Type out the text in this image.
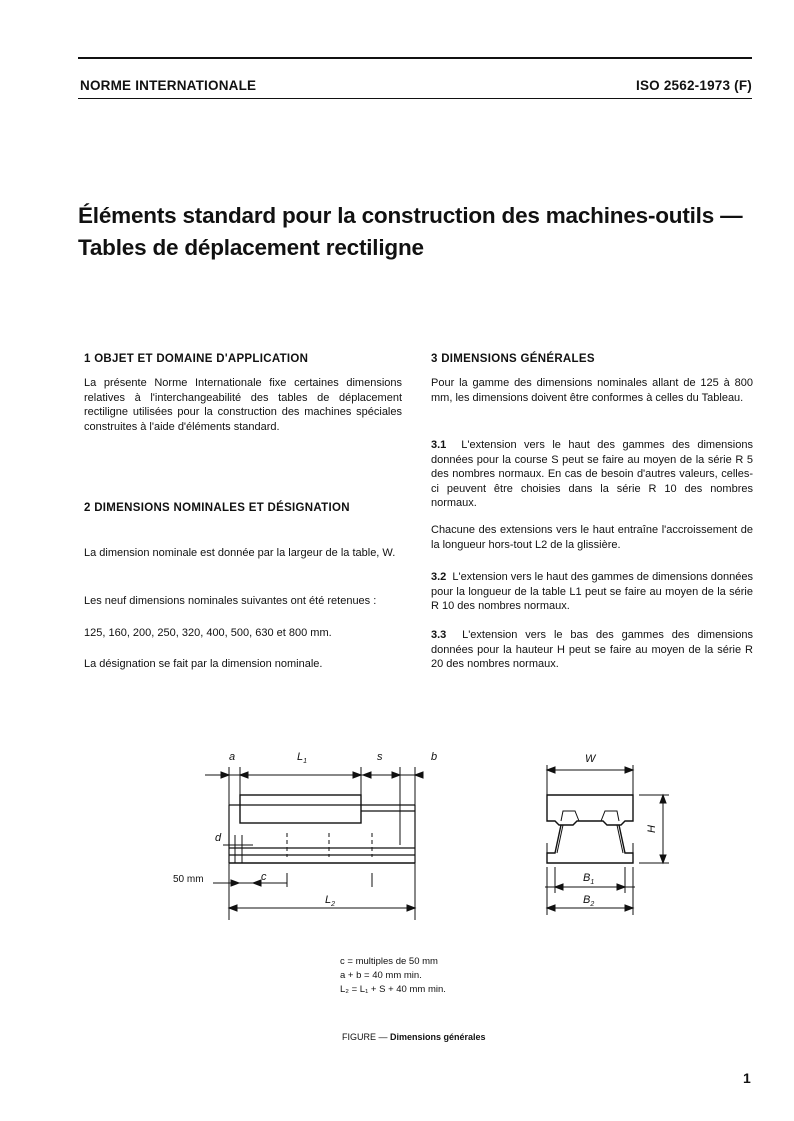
NORME INTERNATIONALE	ISO 2562-1973 (F)
Éléments standard pour la construction des machines-outils —
Tables de déplacement rectiligne
1 OBJET ET DOMAINE D'APPLICATION
La présente Norme Internationale fixe certaines dimensions relatives à l'interchangeabilité des tables de déplacement rectiligne utilisées pour la construction des machines spéciales construites à l'aide d'éléments standard.
2 DIMENSIONS NOMINALES ET DÉSIGNATION
La dimension nominale est donnée par la largeur de la table, W.
Les neuf dimensions nominales suivantes ont été retenues :
125, 160, 200, 250, 320, 400, 500, 630 et 800 mm.
La désignation se fait par la dimension nominale.
3 DIMENSIONS GÉNÉRALES
Pour la gamme des dimensions nominales allant de 125 à 800 mm, les dimensions doivent être conformes à celles du Tableau.
3.1 L'extension vers le haut des gammes des dimensions données pour la course S peut se faire au moyen de la série R 5 des nombres normaux. En cas de besoin d'autres valeurs, celles-ci peuvent être choisies dans la série R 10 des nombres normaux.
Chacune des extensions vers le haut entraîne l'accroissement de la longueur hors-tout L2 de la glissière.
3.2 L'extension vers le haut des gammes de dimensions données pour la longueur de la table L1 peut se faire au moyen de la série R 10 des nombres normaux.
3.3 L'extension vers le bas des gammes des dimensions données pour la hauteur H peut se faire au moyen de la série R 20 des nombres normaux.
a	$L_1$	s	b
d
c
$L_2$
50 mm
W
H
$B_1$
$B_2$
c = multiples de 50 mm
a + b = 40 mm min.
L₂ = L₁ + S + 40 mm min.
FIGURE — Dimensions générales
1
